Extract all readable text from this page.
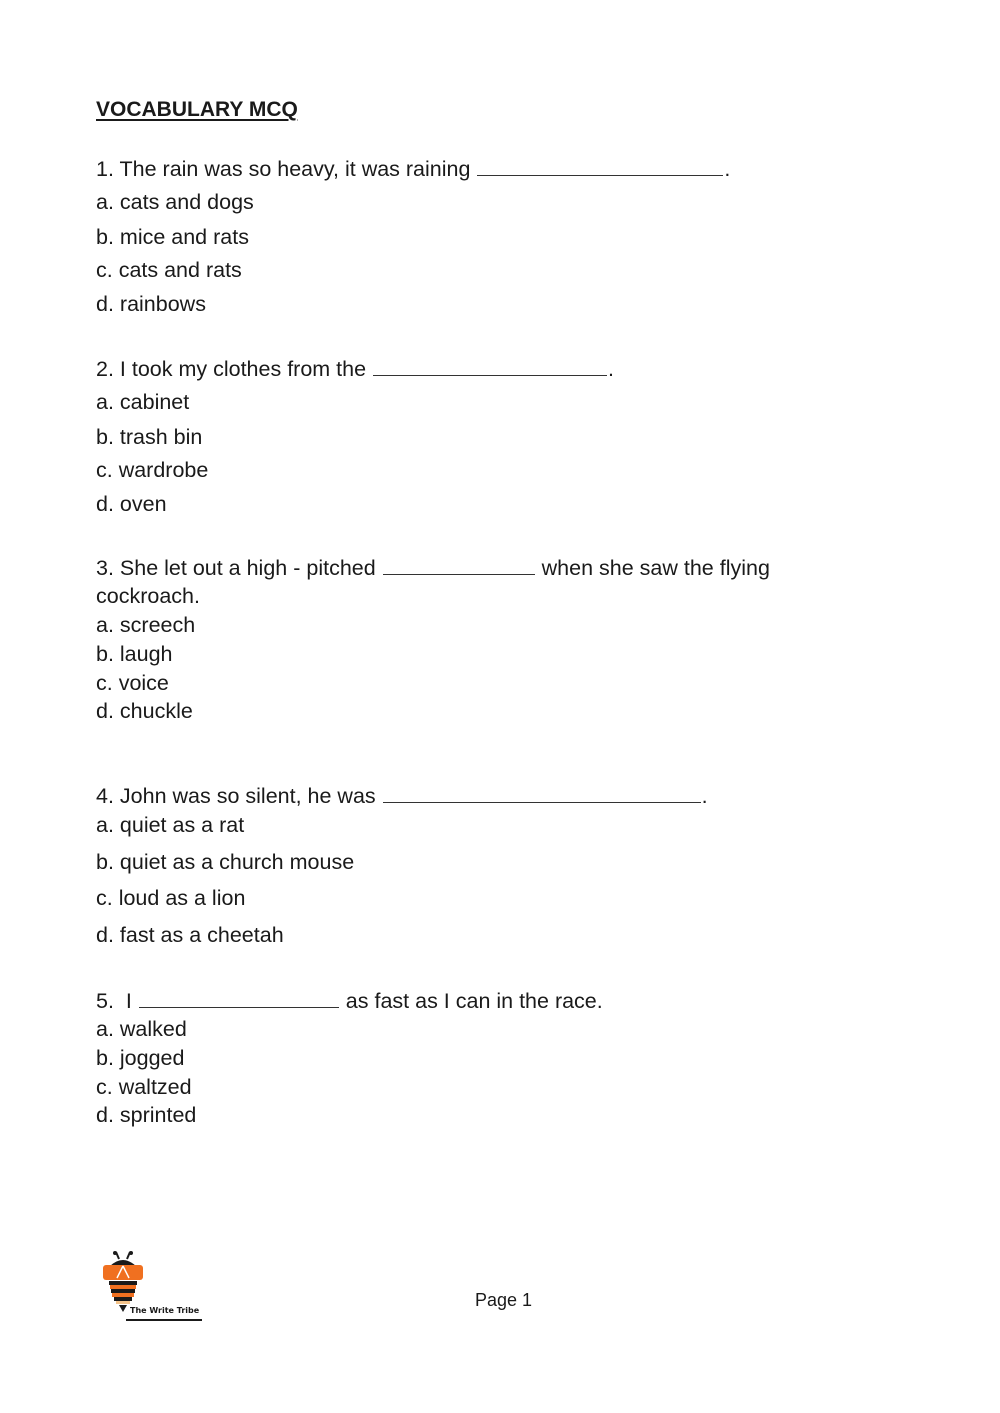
VOCABULARY MCQ
1. The rain was so heavy, it was raining	.
a. cats and dogs
b. mice and rats
c. cats and rats
d. rainbows
2. I took my clothes from the	.
a. cabinet
b. trash bin
c. wardrobe
d. oven
3. She let out a high - pitched	when she saw the flying
cockroach.
a. screech
b. laugh
c. voice
d. chuckle
4. John was so silent, he was	.
a. quiet as a rat
b. quiet as a church mouse
c. loud as a lion
d. fast as a cheetah
5.  I	as fast as I can in the race.
a. walked
b. jogged
c. waltzed
d. sprinted
The Write Tribe
Page 1
